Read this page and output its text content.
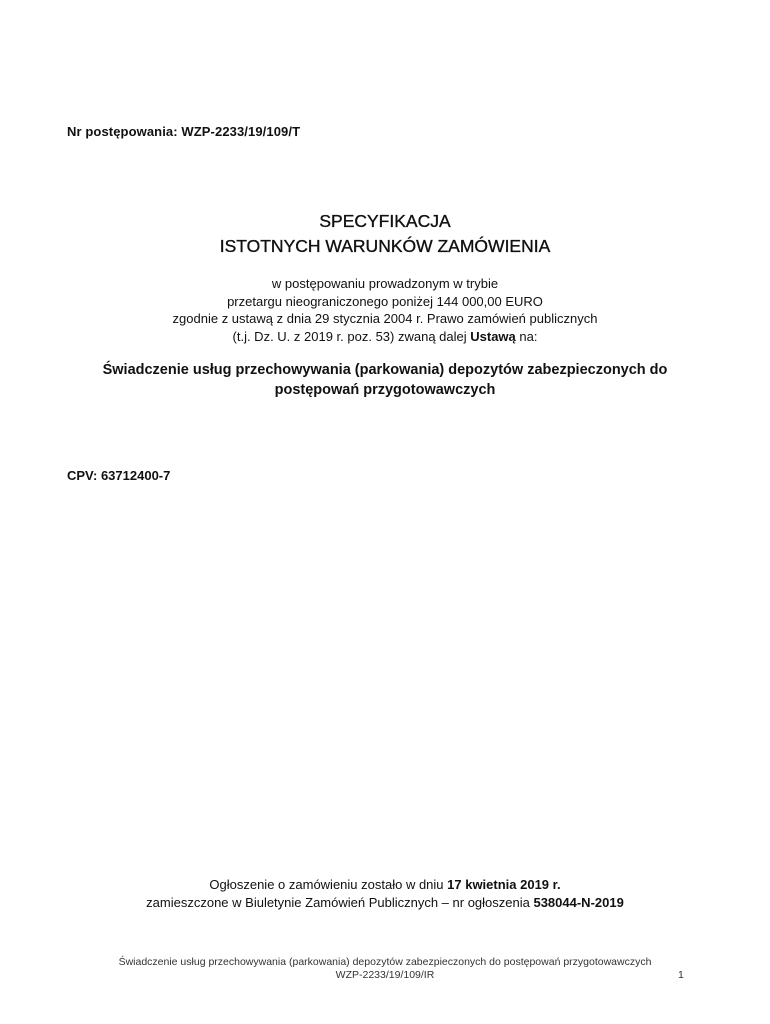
Nr postępowania: WZP-2233/19/109/T
SPECYFIKACJA
ISTOTNYCH WARUNKÓW ZAMÓWIENIA
w postępowaniu prowadzonym w trybie
przetargu nieograniczonego poniżej 144 000,00 EURO
zgodnie z ustawą z dnia 29 stycznia 2004 r. Prawo zamówień publicznych
(t.j. Dz. U. z 2019 r. poz. 53) zwaną dalej Ustawą na:
Świadczenie usług przechowywania (parkowania) depozytów zabezpieczonych do
postępowań przygotowawczych
CPV: 63712400-7
Ogłoszenie o zamówieniu zostało w dniu 17 kwietnia 2019 r.
zamieszczone w Biuletynie Zamówień Publicznych – nr ogłoszenia 538044-N-2019
Świadczenie usług przechowywania (parkowania) depozytów zabezpieczonych do postępowań przygotowawczych
WZP-2233/19/109/IR	1
